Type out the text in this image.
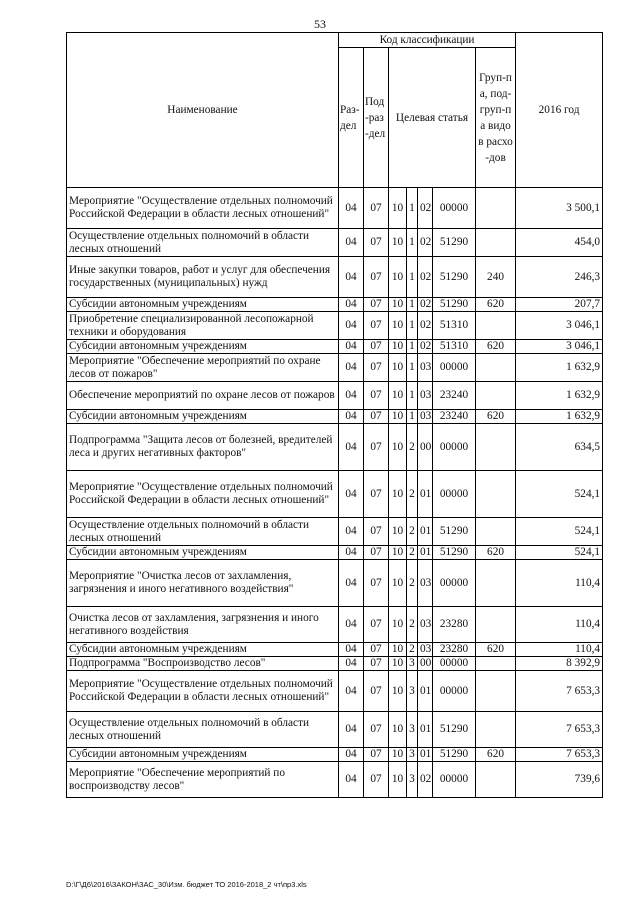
53
Наименование	Код классификации							2016 год
	Раз-дел	Под-раз-дел	Целевая статья				Груп-па, под-груп-па видов расхо-дов	
Мероприятие "Осуществление отдельных полномочий Российской Федерации в области лесных отношений"	04	07	10	1	02	00000		3 500,1
Осуществление отдельных полномочий в области лесных отношений	04	07	10	1	02	51290		454,0
Иные закупки товаров, работ и услуг для обеспечения государственных (муниципальных) нужд	04	07	10	1	02	51290	240	246,3
Субсидии автономным учреждениям	04	07	10	1	02	51290	620	207,7
Приобретение специализированной лесопожарной техники и оборудования	04	07	10	1	02	51310		3 046,1
Субсидии автономным учреждениям	04	07	10	1	02	51310	620	3 046,1
Мероприятие "Обеспечение мероприятий по охране лесов от пожаров"	04	07	10	1	03	00000		1 632,9
Обеспечение мероприятий по охране лесов от пожаров	04	07	10	1	03	23240		1 632,9
Субсидии автономным учреждениям	04	07	10	1	03	23240	620	1 632,9
Подпрограмма "Защита лесов от болезней, вредителей леса и других негативных факторов"	04	07	10	2	00	00000		634,5
Мероприятие "Осуществление отдельных полномочий Российской Федерации в области лесных отношений"	04	07	10	2	01	00000		524,1
Осуществление отдельных полномочий в области лесных отношений	04	07	10	2	01	51290		524,1
Субсидии автономным учреждениям	04	07	10	2	01	51290	620	524,1
Мероприятие "Очистка лесов от захламления, загрязнения и иного негативного воздействия"	04	07	10	2	03	00000		110,4
Очистка лесов от захламления, загрязнения и иного негативного воздействия	04	07	10	2	03	23280		110,4
Субсидии автономным учреждениям	04	07	10	2	03	23280	620	110,4
Подпрограмма "Воспроизводство лесов"	04	07	10	3	00	00000		8 392,9
Мероприятие "Осуществление отдельных полномочий Российской Федерации в области лесных отношений"	04	07	10	3	01	00000		7 653,3
Осуществление отдельных полномочий в области лесных отношений	04	07	10	3	01	51290		7 653,3
Субсидии автономным учреждениям	04	07	10	3	01	51290	620	7 653,3
Мероприятие "Обеспечение мероприятий по воспроизводству лесов"	04	07	10	3	02	00000		739,6
D:\Г\Д6\2016\ЗАКОН\ЗАС_30\Изм. бюджет ТО 2016-2018_2 чт\пр3.xls
